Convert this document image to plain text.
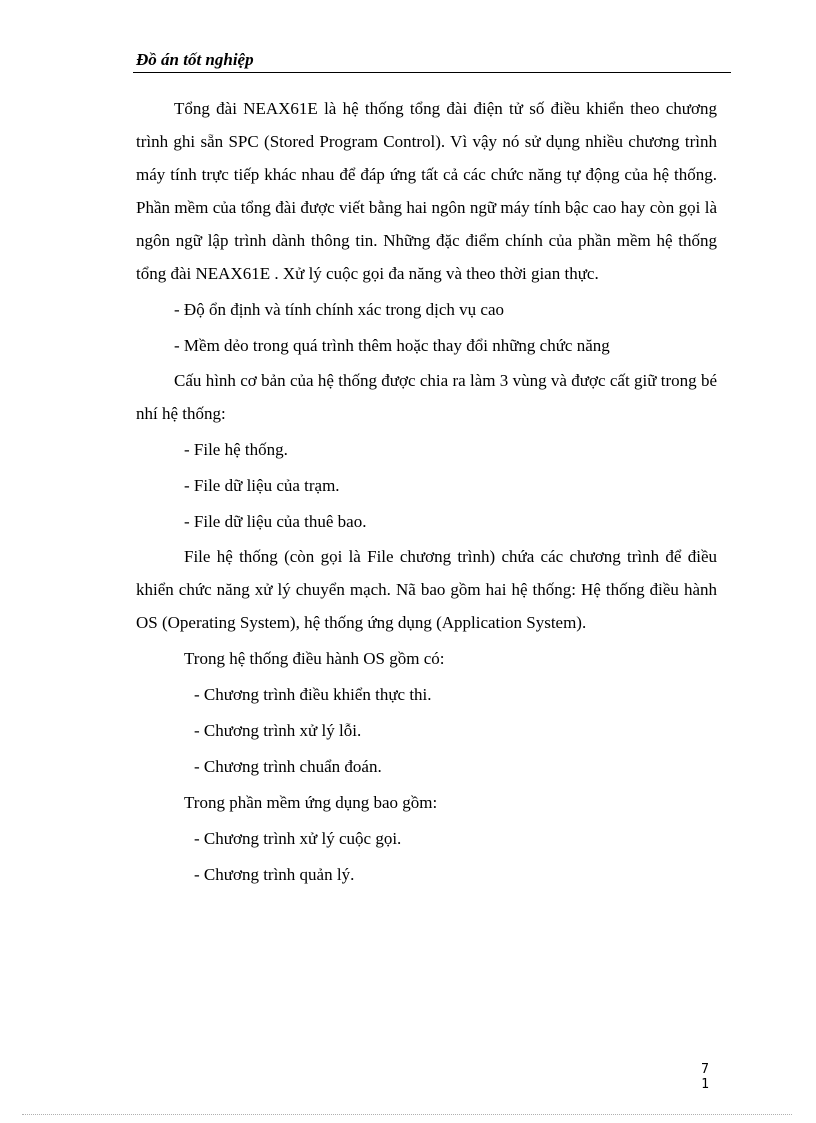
Đồ án tốt nghiệp

Tổng đài NEAX61E là hệ thống tổng đài điện tử số điều khiển theo chương trình ghi sẵn SPC (Stored Program Control). Vì vậy nó sử dụng nhiều chương trình máy tính trực tiếp khác nhau để đáp ứng tất cả các chức năng tự động của hệ thống. Phần mềm của tổng đài được viết bằng hai ngôn ngữ máy tính bậc cao hay còn gọi là ngôn ngữ lập trình dành thông tin. Những đặc điểm chính của phần mềm hệ thống tổng đài NEAX61E . Xử lý cuộc gọi đa năng và theo thời gian thực.

- Độ ổn định và tính chính xác trong dịch vụ cao

- Mềm dẻo trong quá trình thêm hoặc thay đổi những chức năng

Cấu hình cơ bản của hệ thống được chia ra làm 3 vùng và được cất giữ trong bé nhí hệ thống:

- File hệ thống.

- File dữ liệu của trạm.

- File dữ liệu của thuê bao.

File hệ thống (còn gọi là File chương trình) chứa các chương trình để điều khiển chức năng xử lý chuyển mạch. Nã bao gồm hai hệ thống: Hệ thống điều hành OS (Operating System), hệ thống ứng dụng (Application System).

Trong hệ thống điều hành OS gồm có:

- Chương trình điều khiển thực thi.

- Chương trình xử lý lỗi.

- Chương trình chuẩn đoán.

Trong phần mềm ứng dụng bao gồm:

- Chương trình xử lý cuộc gọi.

- Chương trình quản lý.

7
1
